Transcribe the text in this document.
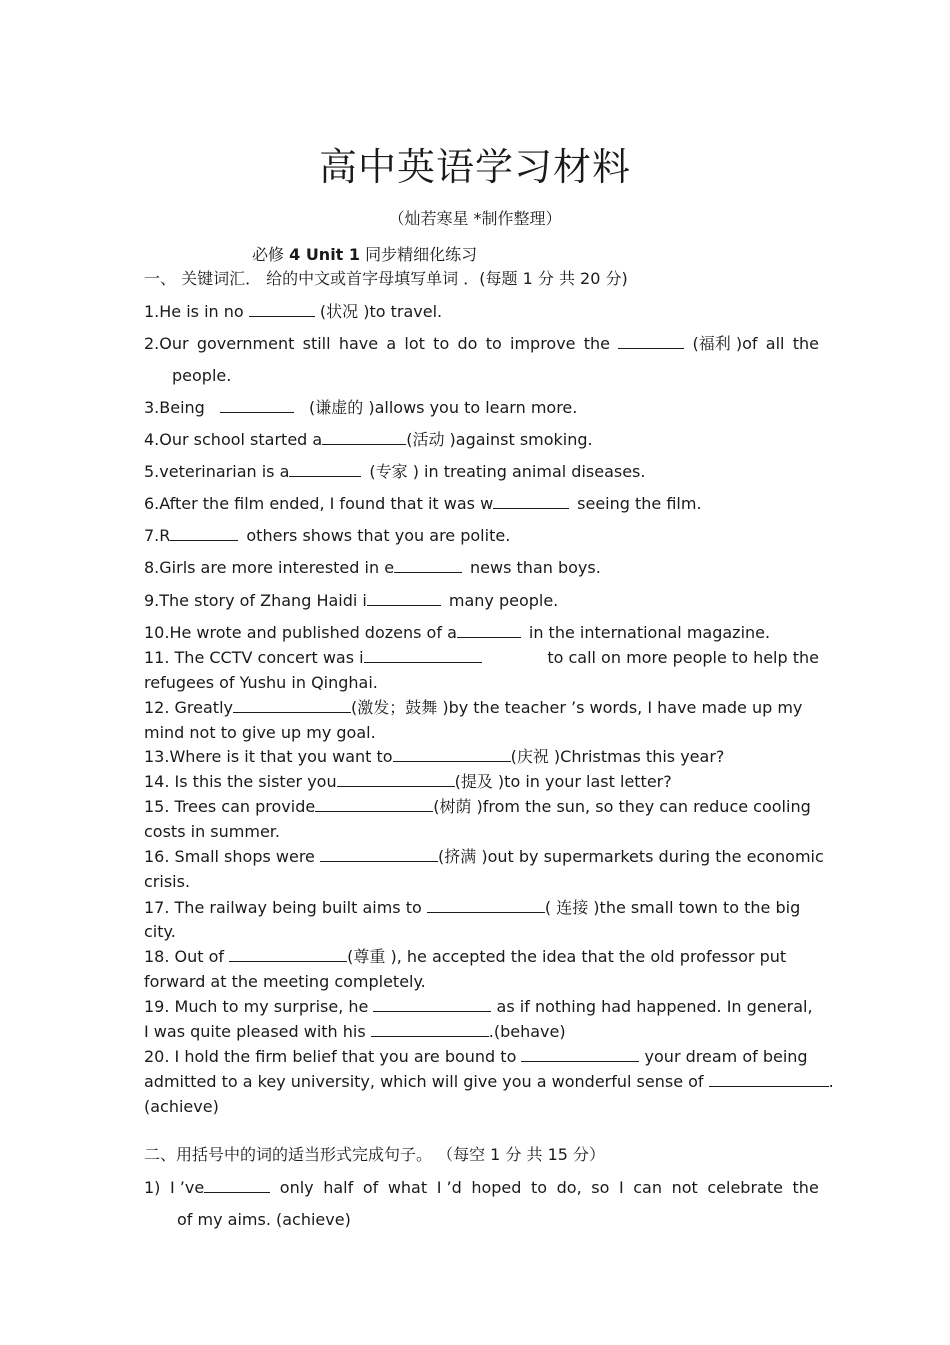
高中英语学习材料
（灿若寒星 *制作整理）
必修 4 Unit 1 同步精细化练习
一、 关键词汇． 给的中文或首字母填写单词 ．(每题 1 分 共 20 分)
1.He is in no	(状况 )to travel.
2.Our government still have a lot to do to improve the	(福利 )of all the
people.
3.Being	(谦虚的 )allows you to learn more.
4.Our school started a	(活动 )against smoking.
5.veterinarian is a	(专家 ) in treating animal diseases.
6.After the film ended, I found that it was w	seeing the film.
7.R	others shows that you are polite.
8.Girls are more interested in e	news than boys.
9.The story of Zhang Haidi i	many people.
10.He wrote and published dozens of a	in the international magazine.
11. The CCTV concert was i	to call on more people to help the
refugees of Yushu in Qinghai.
12. Greatly	(激发；鼓舞 )by the teacher ’s words, I have made up my
mind not to give up my goal.
13.Where is it that you want to	(庆祝 )Christmas this year?
14. Is this the sister you	(提及 )to in your last letter?
15. Trees can provide	(树荫 )from the sun, so they can reduce cooling
costs in summer.
16. Small shops were	(挤满 )out by supermarkets during the economic
crisis.
17. The railway being built aims to	( 连接 )the small town to the big
city.
18. Out of	(尊重 ), he accepted the idea that the old professor put
forward at the meeting completely.
19. Much to my surprise, he	as if nothing had happened. In general,
I was quite pleased with his	.(behave)
20. I hold the firm belief that you are bound to	your dream of being
admitted to a key university, which will give you a wonderful sense of	.
(achieve)
二、用括号中的词的适当形式完成句子。 （每空 1 分 共 15 分）
1) I ’ve	only half of what I ’d hoped to do, so I can not celebrate the
of my aims. (achieve)
